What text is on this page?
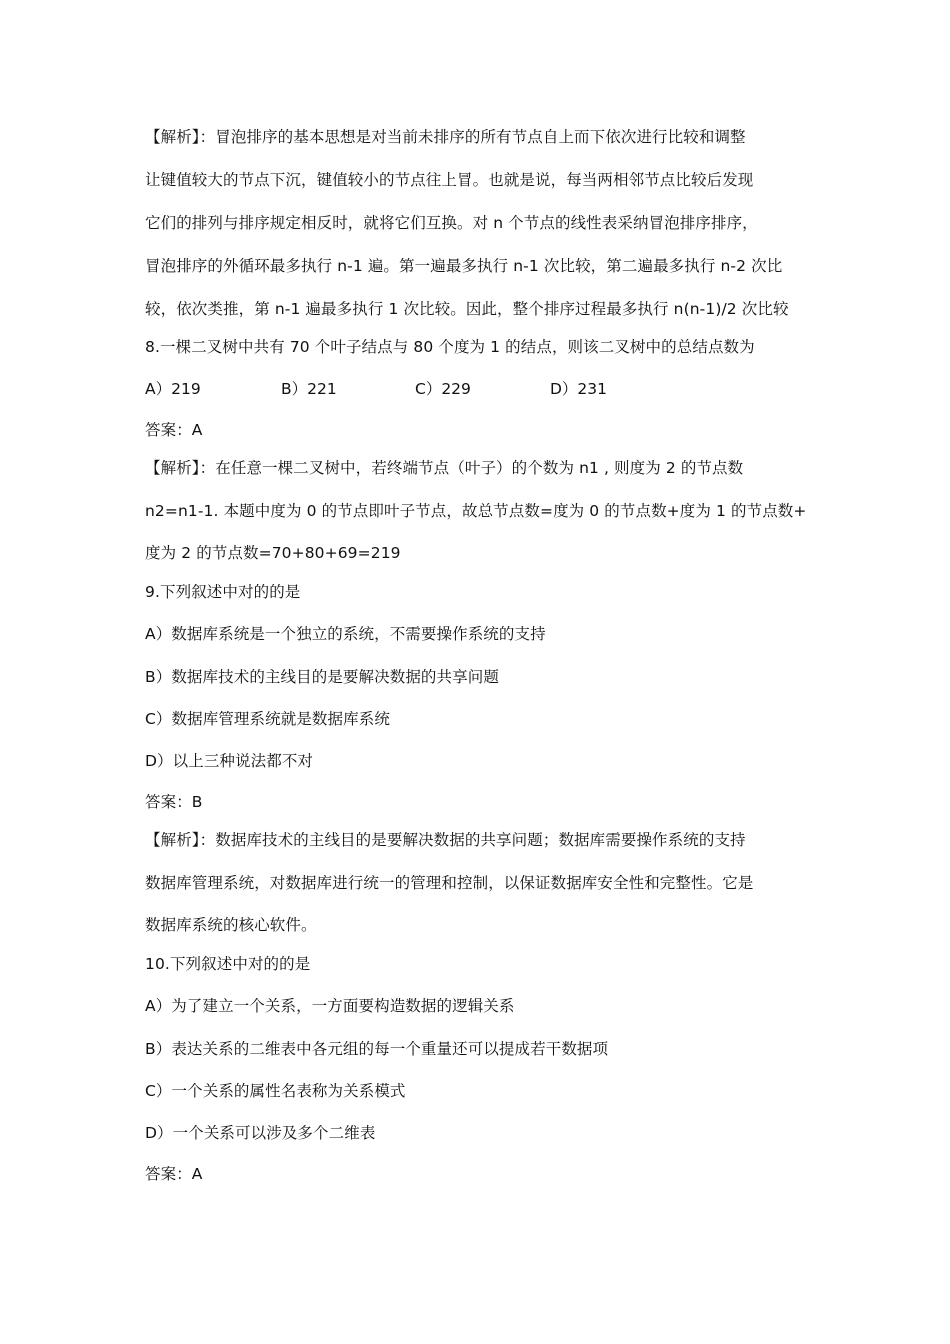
【解析】：冒泡排序的基本思想是对当前未排序的所有节点自上而下依次进行比较和调整
让键值较大的节点下沉，键值较小的节点往上冒。也就是说，每当两相邻节点比较后发现
它们的排列与排序规定相反时，就将它们互换。对 n 个节点的线性表采纳冒泡排序排序，
冒泡排序的外循环最多执行 n-1 遍。第一遍最多执行 n-1 次比较，第二遍最多执行 n-2 次比
较，依次类推，第 n-1 遍最多执行 1 次比较。因此，整个排序过程最多执行 n(n-1)/2 次比较
8.一棵二叉树中共有 70 个叶子结点与 80 个度为 1 的结点，则该二叉树中的总结点数为
A）219	B）221	C）229	D）231
答案：A
【解析】：在任意一棵二叉树中，若终端节点（叶子）的个数为 n1 , 则度为 2 的节点数
n2=n1-1. 本题中度为 0 的节点即叶子节点，故总节点数=度为 0 的节点数+度为 1 的节点数+
度为 2 的节点数=70+80+69=219
9.下列叙述中对的的是
A）数据库系统是一个独立的系统，不需要操作系统的支持
B）数据库技术的主线目的是要解决数据的共享问题
C）数据库管理系统就是数据库系统
D）以上三种说法都不对
答案：B
【解析】：数据库技术的主线目的是要解决数据的共享问题；数据库需要操作系统的支持
数据库管理系统，对数据库进行统一的管理和控制，以保证数据库安全性和完整性。它是
数据库系统的核心软件。
10.下列叙述中对的的是
A）为了建立一个关系，一方面要构造数据的逻辑关系
B）表达关系的二维表中各元组的每一个重量还可以提成若干数据项
C）一个关系的属性名表称为关系模式
D）一个关系可以涉及多个二维表
答案：A
